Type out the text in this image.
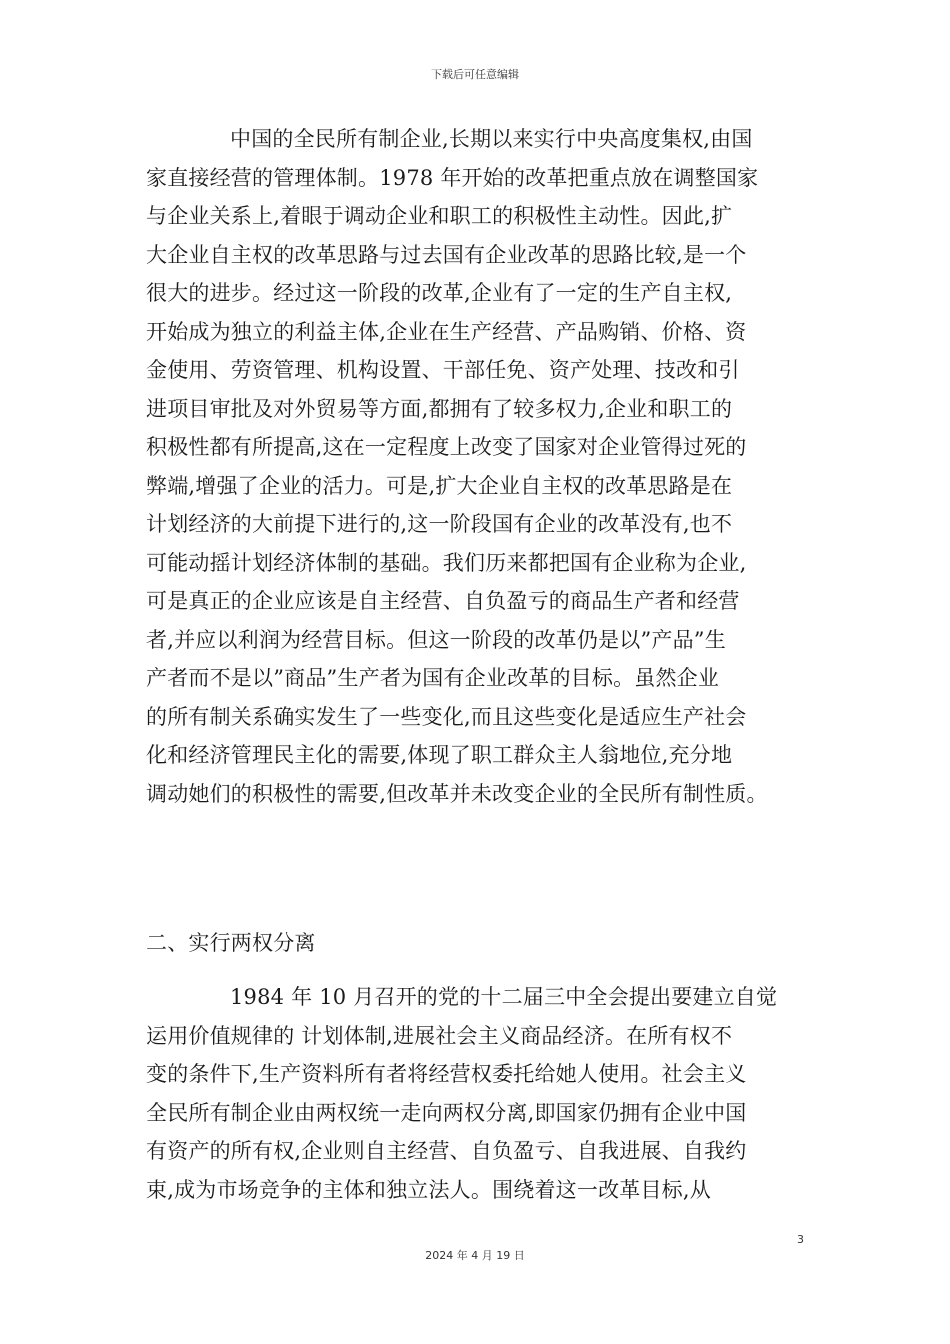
下载后可任意编辑
中国的全民所有制企业,长期以来实行中央高度集权,由国
家直接经营的管理体制。1978 年开始的改革把重点放在调整国家
与企业关系上,着眼于调动企业和职工的积极性主动性。因此,扩
大企业自主权的改革思路与过去国有企业改革的思路比较,是一个
很大的进步。经过这一阶段的改革,企业有了一定的生产自主权,
开始成为独立的利益主体,企业在生产经营、产品购销、价格、资
金使用、劳资管理、机构设置、干部任免、资产处理、技改和引
进项目审批及对外贸易等方面,都拥有了较多权力,企业和职工的
积极性都有所提高,这在一定程度上改变了国家对企业管得过死的
弊端,增强了企业的活力。可是,扩大企业自主权的改革思路是在
计划经济的大前提下进行的,这一阶段国有企业的改革没有,也不
可能动摇计划经济体制的基础。我们历来都把国有企业称为企业,
可是真正的企业应该是自主经营、自负盈亏的商品生产者和经营
者,并应以利润为经营目标。但这一阶段的改革仍是以”产品”生
产者而不是以”商品”生产者为国有企业改革的目标。虽然企业
的所有制关系确实发生了一些变化,而且这些变化是适应生产社会
化和经济管理民主化的需要,体现了职工群众主人翁地位,充分地
调动她们的积极性的需要,但改革并未改变企业的全民所有制性质。
二、实行两权分离
1984 年 10 月召开的党的十二届三中全会提出要建立自觉
运用价值规律的 计划体制,进展社会主义商品经济。在所有权不
变的条件下,生产资料所有者将经营权委托给她人使用。社会主义
全民所有制企业由两权统一走向两权分离,即国家仍拥有企业中国
有资产的所有权,企业则自主经营、自负盈亏、自我进展、自我约
束,成为市场竞争的主体和独立法人。围绕着这一改革目标,从
3
2024 年 4 月 19 日
